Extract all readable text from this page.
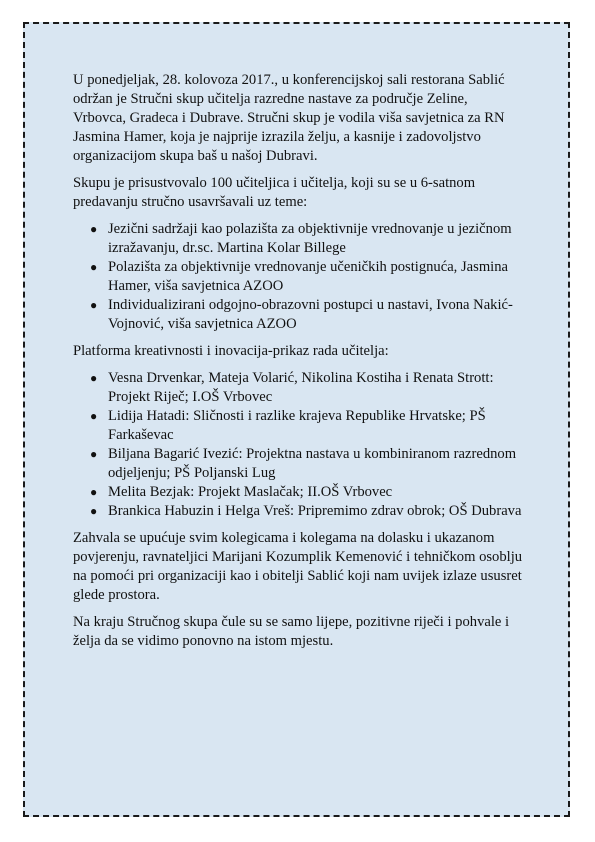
U ponedjeljak, 28. kolovoza 2017., u konferencijskoj sali restorana Sablić održan je Stručni skup učitelja razredne nastave za područje Zeline, Vrbovca, Gradeca i Dubrave. Stručni skup je vodila viša savjetnica za RN Jasmina Hamer, koja je najprije izrazila želju, a kasnije i zadovoljstvo organizacijom skupa baš u našoj Dubravi.

Skupu je prisustvovalo 100 učiteljica i učitelja, koji su se u 6-satnom predavanju stručno usavršavali uz teme:

● Jezični sadržaji kao polazišta za objektivnije vrednovanje u jezičnom izražavanju, dr.sc. Martina Kolar Billege
● Polazišta za objektivnije vrednovanje učeničkih postignuća, Jasmina Hamer, viša savjetnica AZOO
● Individualizirani odgojno-obrazovni postupci u nastavi, Ivona Nakić-Vojnović, viša savjetnica AZOO

Platforma kreativnosti i inovacija-prikaz rada učitelja:

● Vesna Drvenkar, Mateja Volarić, Nikolina Kostiha i Renata Strott: Projekt Riječ; I.OŠ Vrbovec
● Lidija Hatadi: Sličnosti i razlike krajeva Republike Hrvatske; PŠ Farkaševac
● Biljana Bagarić Ivezić: Projektna nastava u kombiniranom razrednom odjeljenju; PŠ Poljanski Lug
● Melita Bezjak: Projekt Maslačak; II.OŠ Vrbovec
● Brankica Habuzin i Helga Vreš: Pripremimo zdrav obrok; OŠ Dubrava

Zahvala se upućuje svim kolegicama i kolegama na dolasku i ukazanom povjerenju, ravnateljici Marijani Kozumplik Kemenović i tehničkom osoblju na pomoći pri organizaciji kao i obitelji Sablić koji nam uvijek izlaze ususret glede prostora.

Na kraju Stručnog skupa čule su se samo lijepe, pozitivne riječi i pohvale i želja da se vidimo ponovno na istom mjestu.
